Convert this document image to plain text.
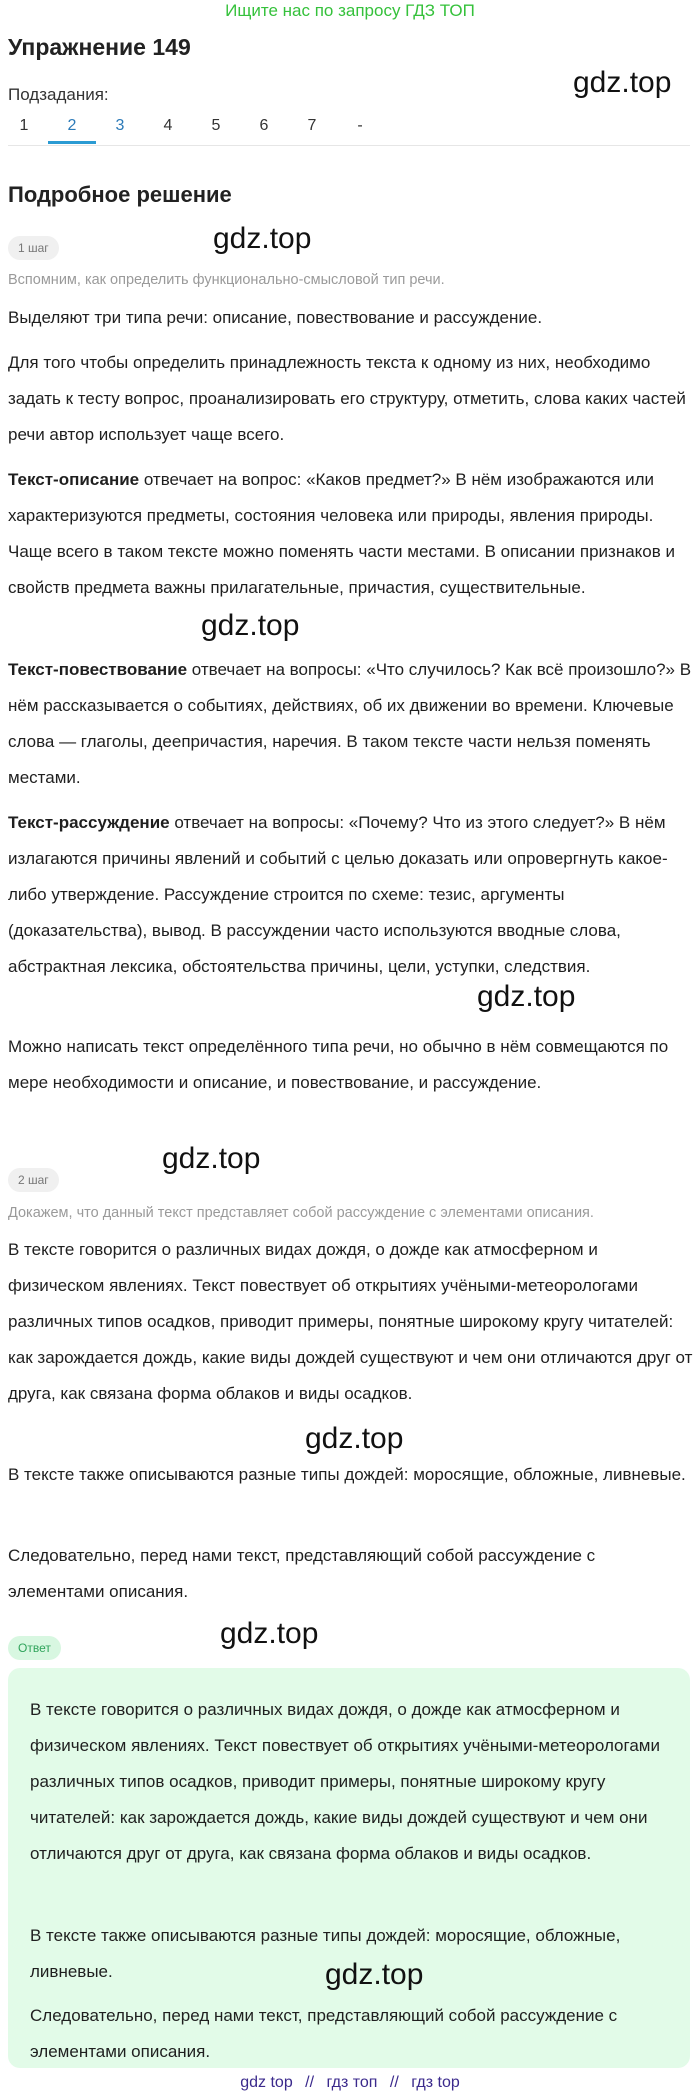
Ищите нас по запросу ГДЗ ТОП
Упражнение 149
gdz.top
Подзадания:
1	2	3	4	5	6	7	-
Подробное решение
1 шаг	gdz.top
Вспомним, как определить функционально-смысловой тип речи.

Выделяют три типа речи: описание, повествование и рассуждение.

Для того чтобы определить принадлежность текста к одному из них, необходимо задать к тесту вопрос, проанализировать его структуру, отметить, слова каких частей речи автор использует чаще всего.

Текст-описание отвечает на вопрос: «Каков предмет?» В нём изображаются или характеризуются предметы, состояния человека или природы, явления природы. Чаще всего в таком тексте можно поменять части местами. В описании признаков и свойств предмета важны прилагательные, причастия, существительные.

gdz.top

Текст-повествование отвечает на вопросы: «Что случилось? Как всё произошло?» В нём рассказывается о событиях, действиях, об их движении во времени. Ключевые слова — глаголы, деепричастия, наречия. В таком тексте части нельзя поменять местами.

Текст-рассуждение отвечает на вопросы: «Почему? Что из этого следует?» В нём излагаются причины явлений и событий с целью доказать или опровергнуть какое-либо утверждение. Рассуждение строится по схеме: тезис, аргументы (доказательства), вывод. В рассуждении часто используются вводные слова, абстрактная лексика, обстоятельства причины, цели, уступки, следствия.

gdz.top

Можно написать текст определённого типа речи, но обычно в нём совмещаются по мере необходимости и описание, и повествование, и рассуждение.

gdz.top
2 шаг
Докажем, что данный текст представляет собой рассуждение с элементами описания.

В тексте говорится о различных видах дождя, о дожде как атмосферном и физическом явлениях. Текст повествует об открытиях учёными-метеорологами различных типов осадков, приводит примеры, понятные широкому кругу читателей: как зарождается дождь, какие виды дождей существуют и чем они отличаются друг от друга, как связана форма облаков и виды осадков.

gdz.top

В тексте также описываются разные типы дождей: моросящие, обложные, ливневые.

Следовательно, перед нами текст, представляющий собой рассуждение с элементами описания.

Ответ	gdz.top

В тексте говорится о различных видах дождя, о дожде как атмосферном и физическом явлениях. Текст повествует об открытиях учёными-метеорологами различных типов осадков, приводит примеры, понятные широкому кругу читателей: как зарождается дождь, какие виды дождей существуют и чем они отличаются друг от друга, как связана форма облаков и виды осадков.

В тексте также описываются разные типы дождей: моросящие, обложные, ливневые.	gdz.top

Следовательно, перед нами текст, представляющий собой рассуждение с элементами описания.

gdz top // гдз топ // гдз top
